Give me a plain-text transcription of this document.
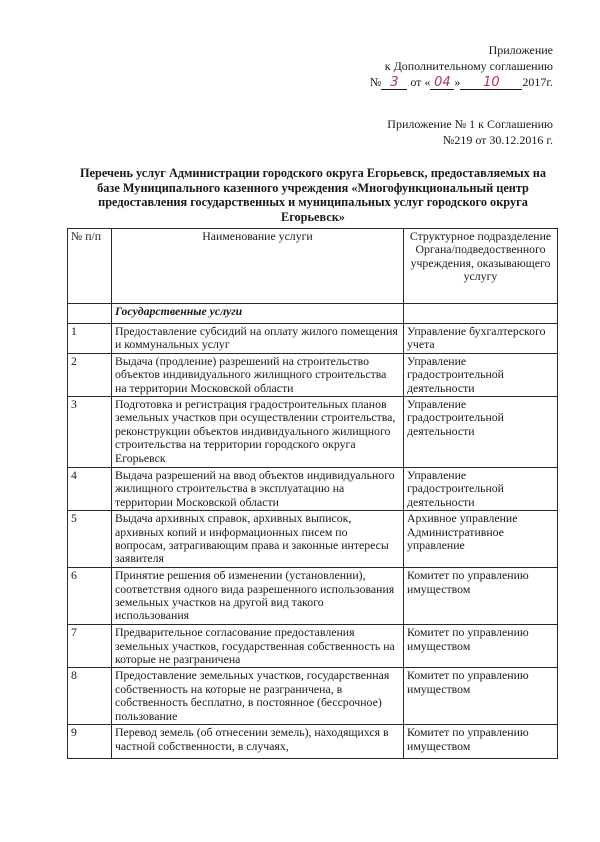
Приложение
к Дополнительному соглашению
№ 3 от « 04 » 10 2017г.
Приложение № 1 к Соглашению
№219 от 30.12.2016 г.
Перечень услуг Администрации городского округа Егорьевск, предоставляемых на базе Муниципального казенного учреждения «Многофункциональный центр предоставления государственных и муниципальных услуг городского округа Егорьевск»
№ п/п	Наименование услуги	Структурное подразделение Органа/подведоственного учреждения, оказывающего услугу
	Государственные услуги	
1	Предоставление субсидий на оплату жилого помещения и коммунальных услуг	Управление бухгалтерского учета
2	Выдача (продление) разрешений на строительство объектов индивидуального жилищного строительства на территории Московской области	Управление градостроительной деятельности
3	Подготовка и регистрация градостроительных планов земельных участков при осуществлении строительства, реконструкции объектов индивидуального жилищного строительства на территории городского округа Егорьевск	Управление градостроительной деятельности
4	Выдача разрешений на ввод объектов индивидуального жилищного строительства в эксплуатацию на территории Московской области	Управление градостроительной деятельности
5	Выдача архивных справок, архивных выписок, архивных копий и информационных писем по вопросам, затрагивающим права и законные интересы заявителя	Архивное управление Административное управление
6	Принятие решения об изменении (установлении), соответствия одного вида разрешенного использования земельных участков на другой вид такого использования	Комитет по управлению имуществом
7	Предварительное согласование предоставления земельных участков, государственная собственность на которые не разграничена	Комитет по управлению имуществом
8	Предоставление земельных участков, государственная собственность на которые не разграничена, в собственность бесплатно, в постоянное (бессрочное) пользование	Комитет по управлению имуществом
9	Перевод земель (об отнесении земель), находящихся в частной собственности, в случаях,	Комитет по управлению имуществом
